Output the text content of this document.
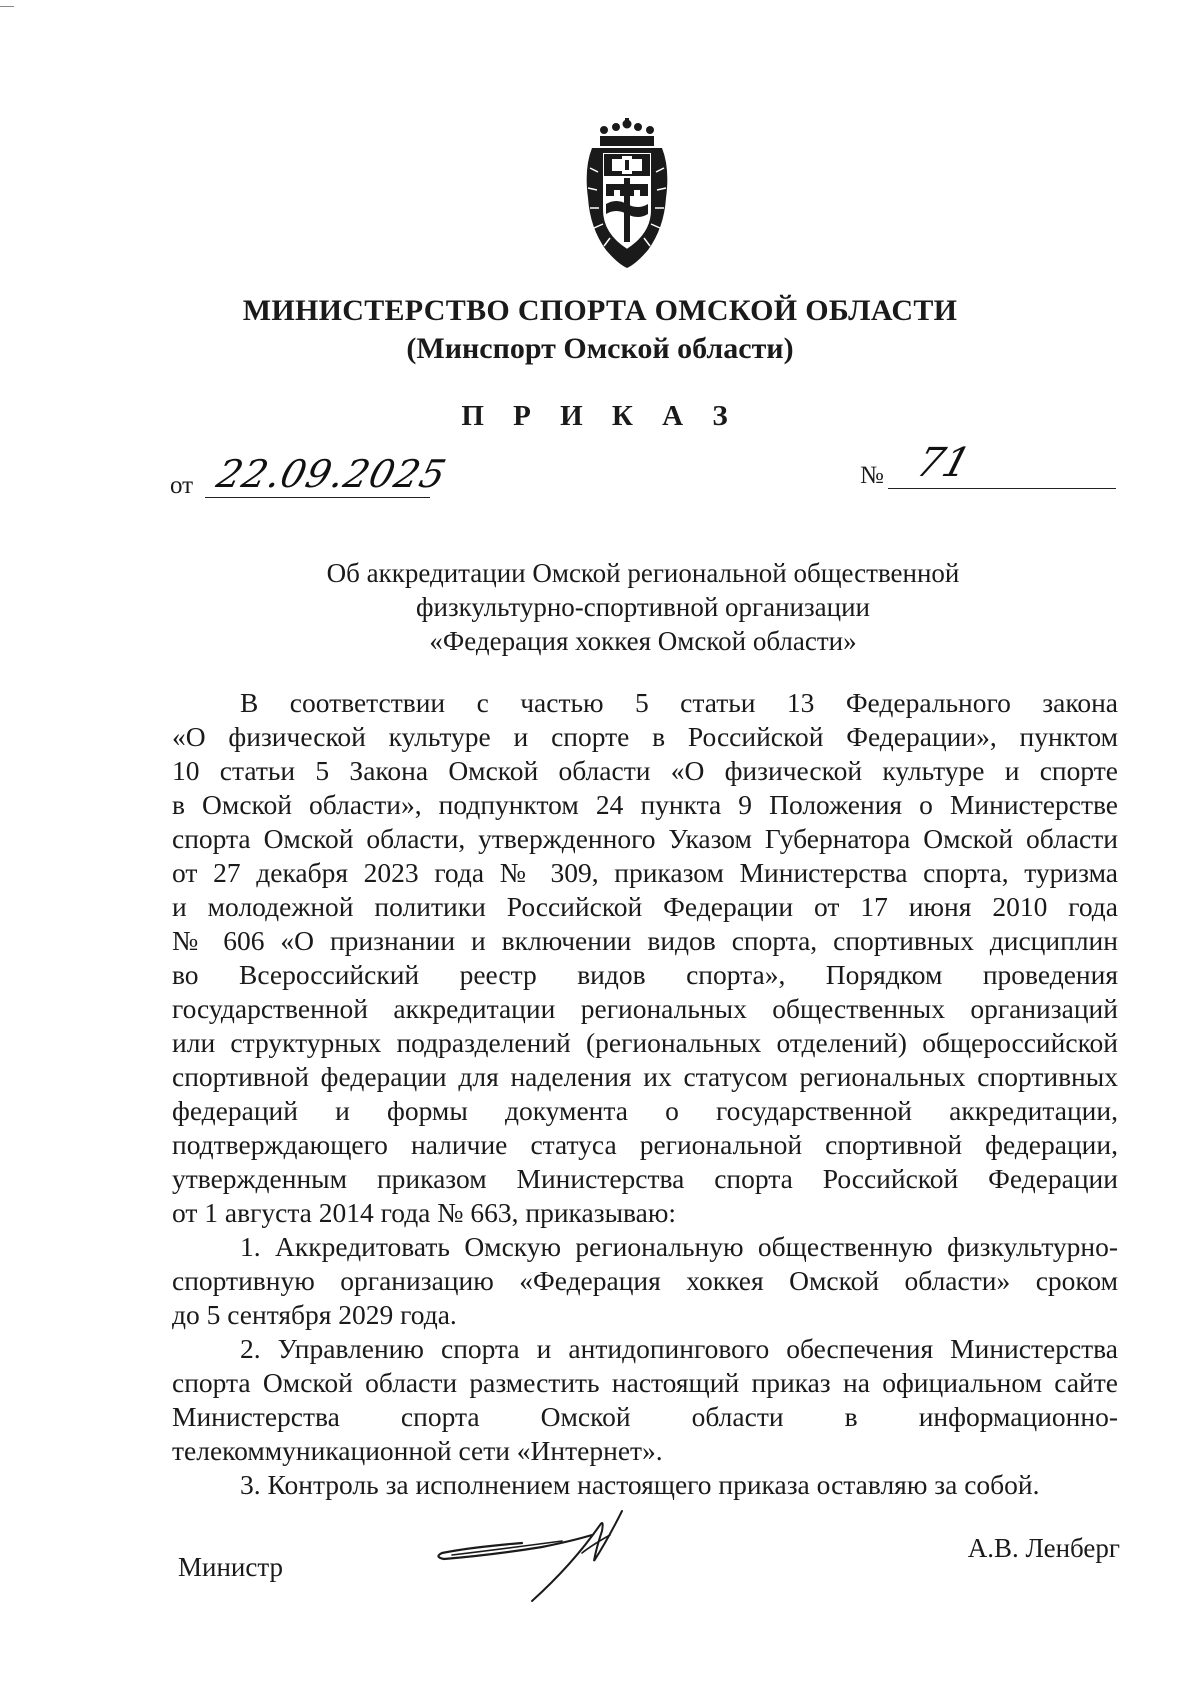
МИНИСТЕРСТВО СПОРТА ОМСКОЙ ОБЛАСТИ
(Минспорт Омской области)
П Р И К А З
от 22.09.2025	№ 71
Об аккредитации Омской региональной общественной
физкультурно-спортивной организации
«Федерация хоккея Омской области»
В соответствии с частью 5 статьи 13 Федерального закона
«О физической культуре и спорте в Российской Федерации», пунктом
10 статьи 5 Закона Омской области «О физической культуре и спорте
в Омской области», подпунктом 24 пункта 9 Положения о Министерстве
спорта Омской области, утвержденного Указом Губернатора Омской области
от 27 декабря 2023 года № 309, приказом Министерства спорта, туризма
и молодежной политики Российской Федерации от 17 июня 2010 года
№ 606 «О признании и включении видов спорта, спортивных дисциплин
во Всероссийский реестр видов спорта», Порядком проведения
государственной аккредитации региональных общественных организаций
или структурных подразделений (региональных отделений) общероссийской
спортивной федерации для наделения их статусом региональных спортивных
федераций и формы документа о государственной аккредитации,
подтверждающего наличие статуса региональной спортивной федерации,
утвержденным приказом Министерства спорта Российской Федерации
от 1 августа 2014 года № 663, приказываю:
1. Аккредитовать Омскую региональную общественную физкультурно-
спортивную организацию «Федерация хоккея Омской области» сроком
до 5 сентября 2029 года.
2. Управлению спорта и антидопингового обеспечения Министерства
спорта Омской области разместить настоящий приказ на официальном сайте
Министерства спорта Омской области в информационно-
телекоммуникационной сети «Интернет».
3. Контроль за исполнением настоящего приказа оставляю за собой.
Министр
А.В. Ленберг
